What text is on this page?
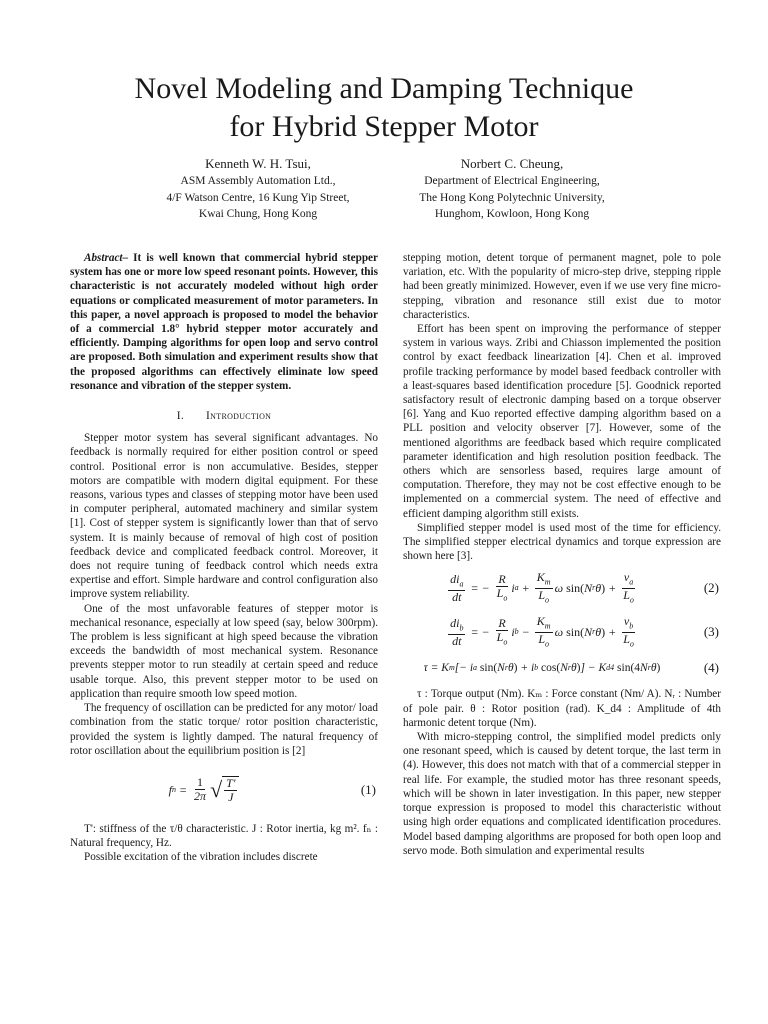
Novel Modeling and Damping Technique
for Hybrid Stepper Motor
Kenneth W. H. Tsui,
ASM Assembly Automation Ltd.,
4/F Watson Centre, 16 Kung Yip Street,
Kwai Chung, Hong Kong
Norbert C. Cheung,
Department of Electrical Engineering,
The Hong Kong Polytechnic University,
Hunghom, Kowloon, Hong Kong

Abstract– It is well known that commercial hybrid stepper system has one or more low speed resonant points. However, this characteristic is not accurately modeled without high order equations or complicated measurement of motor parameters. In this paper, a novel approach is proposed to model the behavior of a commercial 1.8° hybrid stepper motor accurately and efficiently. Damping algorithms for open loop and servo control are proposed. Both simulation and experiment results show that the proposed algorithms can effectively eliminate low speed resonance and vibration of the stepper system.

I. Introduction

Stepper motor system has several significant advantages. No feedback is normally required for either position control or speed control. Positional error is non accumulative. Besides, stepper motors are compatible with modern digital equipment. For these reasons, various types and classes of stepping motor have been used in computer peripheral, automated machinery and similar system [1]. Cost of stepper system is significantly lower than that of servo system. It is mainly because of removal of high cost of position feedback device and complicated feedback control. Moreover, it does not require tuning of feedback control which needs extra expertise and effort. Simple hardware and control configuration also improve system reliability.

One of the most unfavorable features of stepper motor is mechanical resonance, especially at low speed (say, below 300rpm). The problem is less significant at high speed because the vibration exceeds the bandwidth of most mechanical system. Resonance prevents stepper motor to run steadily at certain speed and reduce usable torque. Also, this prevent stepper motor to be used on application than require smooth low speed motion.

The frequency of oscillation can be predicted for any motor/ load combination from the static torque/ rotor position characteristic, provided the system is lightly damped. The natural frequency of rotor oscillation about the equilibrium position is [2]

f $n = \frac{1}{2\pi}$ √ $\frac{T'}{J}$	(1)

T': stiffness of the τ/θ characteristic. J : Rotor inertia, kg m². fₙ : Natural frequency, Hz.

Possible excitation of the vibration includes discrete

stepping motion, detent torque of permanent magnet, pole to pole variation, etc. With the popularity of micro-step drive, stepping ripple had been greatly minimized. However, even if we use very fine micro-stepping, vibration and resonance still exist due to motor characteristics.

Effort has been spent on improving the performance of stepper system in various ways. Zribi and Chiasson implemented the position control by exact feedback linearization [4]. Chen et al. improved profile tracking performance by model based feedback controller with a least-squares based identification procedure [5]. Goodnick reported satisfactory result of electronic damping based on a torque observer [6]. Yang and Kuo reported effective damping algorithm based on a PLL position and velocity observer [7]. However, some of the mentioned algorithms are feedback based which require complicated parameter identification and high resolution position feedback. The others which are sensorless based, requires large amount of computation. Therefore, they may not be cost effective enough to be implemented on a commercial system. The need of effective and efficient damping algorithm still exists.

Simplified stepper model is used most of the time for efficiency. The simplified stepper electrical dynamics and torque expression are shown here [3].

$\frac{di_a}{dt}$ = − $\frac{R}{L_o}$ i $a + \frac{K_m}{L_o}$ ω sin( N r θ ) + $\frac{v_a}{L_o}$	(2)
$\frac{di_b}{dt}$ = − $\frac{R}{L_o}$ i $b - \frac{K_m}{L_o}$ ω sin( N r θ ) + $\frac{v_b}{L_o}$	(3)
τ = K m [− i a
sin( N r θ ) + i b
cos( N r θ ) ] − K d4
sin(4 N r θ )	(4)

τ : Torque output (Nm). Kₘ : Force constant (Nm/ A). Nᵣ : Number of pole pair. θ : Rotor position (rad). K_d4 : Amplitude of 4th harmonic detent torque (Nm).

With micro-stepping control, the simplified model predicts only one resonant speed, which is caused by detent torque, the last term in (4). However, this does not match with that of a commercial stepper in real life. For example, the studied motor has three resonant speeds, which will be shown in later investigation. In this paper, new stepper torque expression is proposed to model this characteristic without using high order equations and complicated identification procedures. Model based damping algorithms are proposed for both open loop and servo mode. Both simulation and experimental results
